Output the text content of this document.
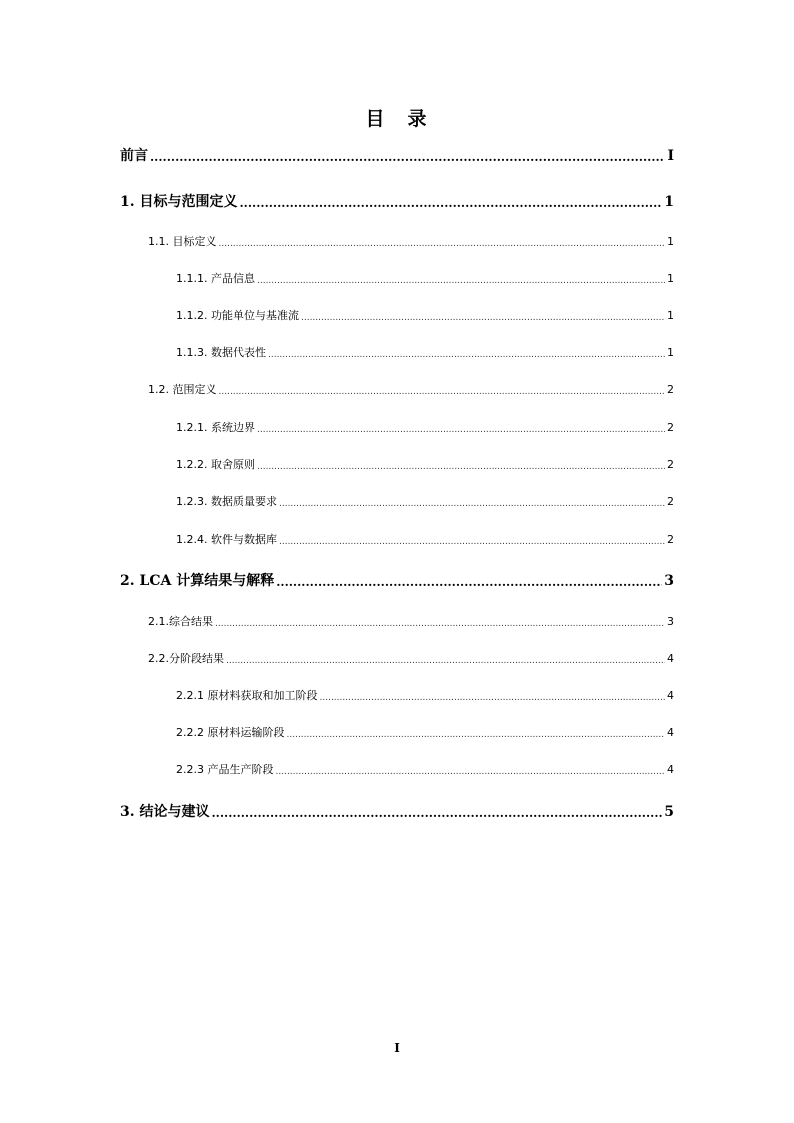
目　录
前言 .....	I
1. 目标与范围定义 .....	1
1.1. 目标定义 .....	1
1.1.1. 产品信息 .....	1
1.1.2. 功能单位与基准流 .....	1
1.1.3. 数据代表性 .....	1
1.2. 范围定义 .....	2
1.2.1. 系统边界 .....	2
1.2.2. 取舍原则 .....	2
1.2.3. 数据质量要求 .....	2
1.2.4. 软件与数据库 .....	2
2. LCA 计算结果与解释 .....	3
2.1.综合结果 .....	3
2.2.分阶段结果 .....	4
2.2.1 原材料获取和加工阶段 .....	4
2.2.2 原材料运输阶段 .....	4
2.2.3 产品生产阶段 .....	4
3. 结论与建议 .....	5
I
